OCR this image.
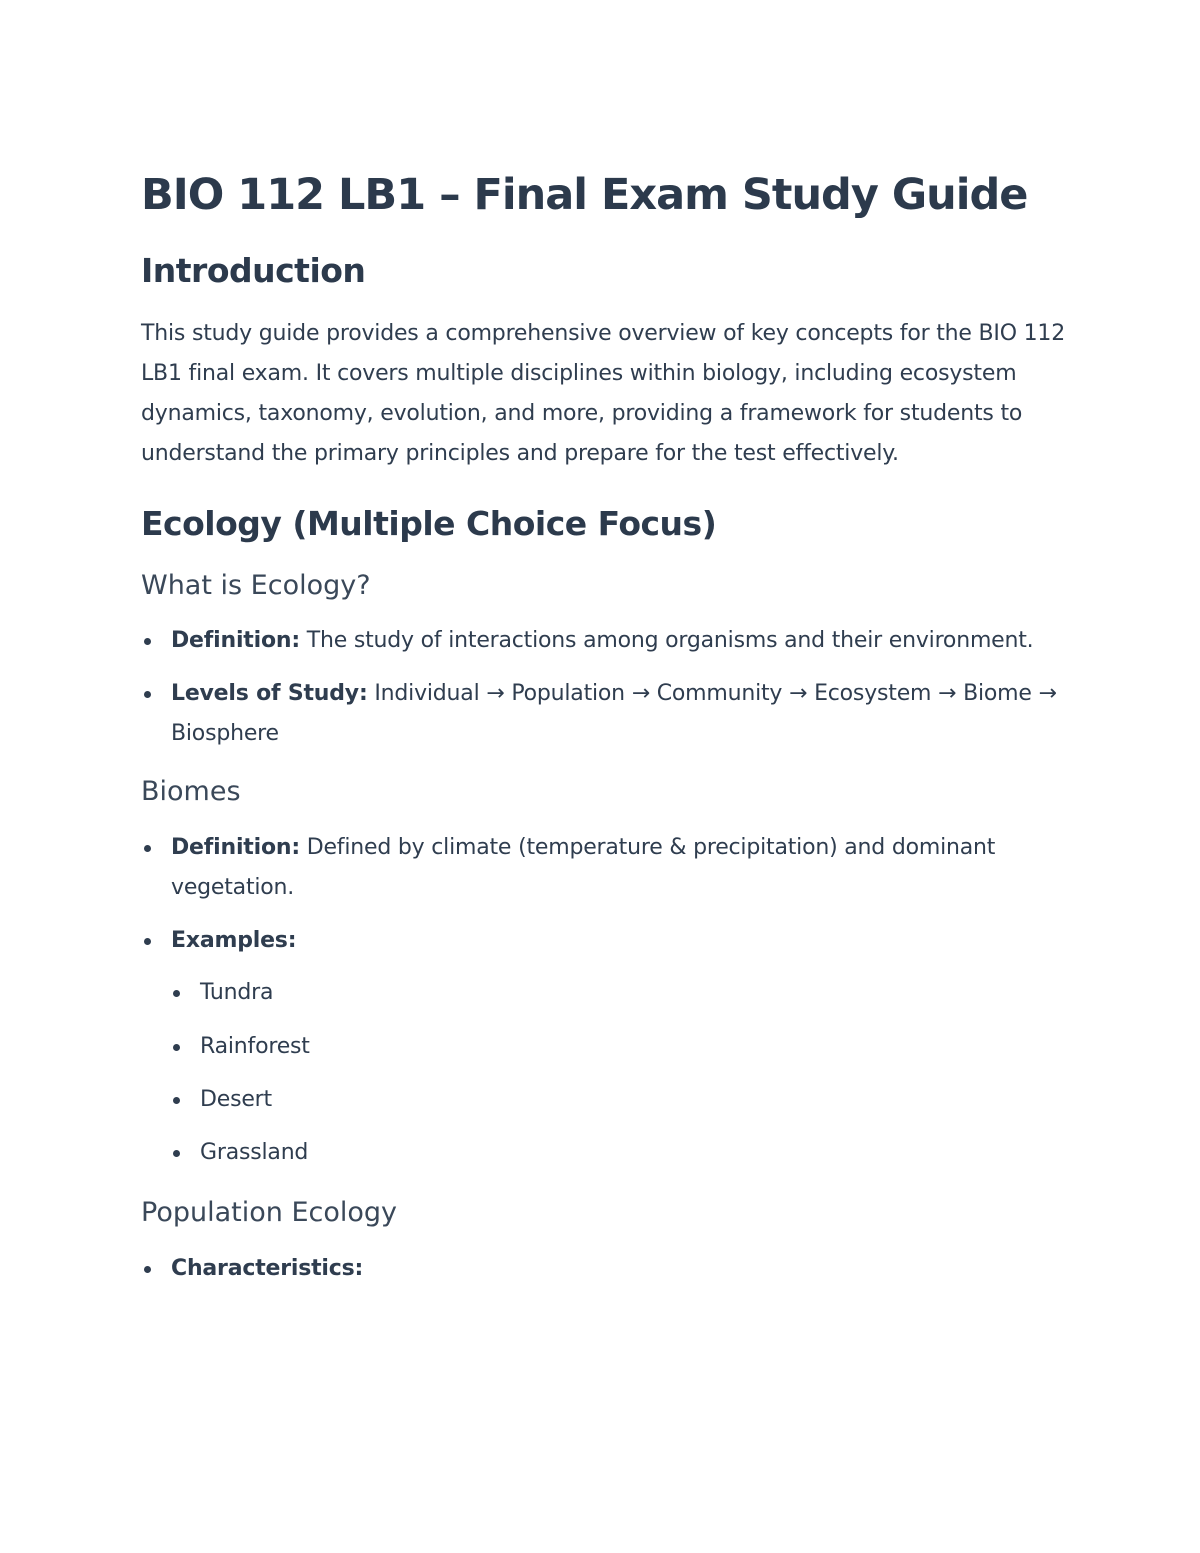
BIO 112 LB1 – Final Exam Study Guide
Introduction

This study guide provides a comprehensive overview of key concepts for the BIO 112 LB1 final exam. It covers multiple disciplines within biology, including ecosystem dynamics, taxonomy, evolution, and more, providing a framework for students to understand the primary principles and prepare for the test effectively.

Ecology (Multiple Choice Focus)
What is Ecology?
Definition: The study of interactions among organisms and their environment.
Levels of Study: Individual → Population → Community → Ecosystem → Biome → Biosphere
Biomes
Definition: Defined by climate (temperature & precipitation) and dominant vegetation.
Examples:
Tundra
Rainforest
Desert
Grassland
Population Ecology
Characteristics:
